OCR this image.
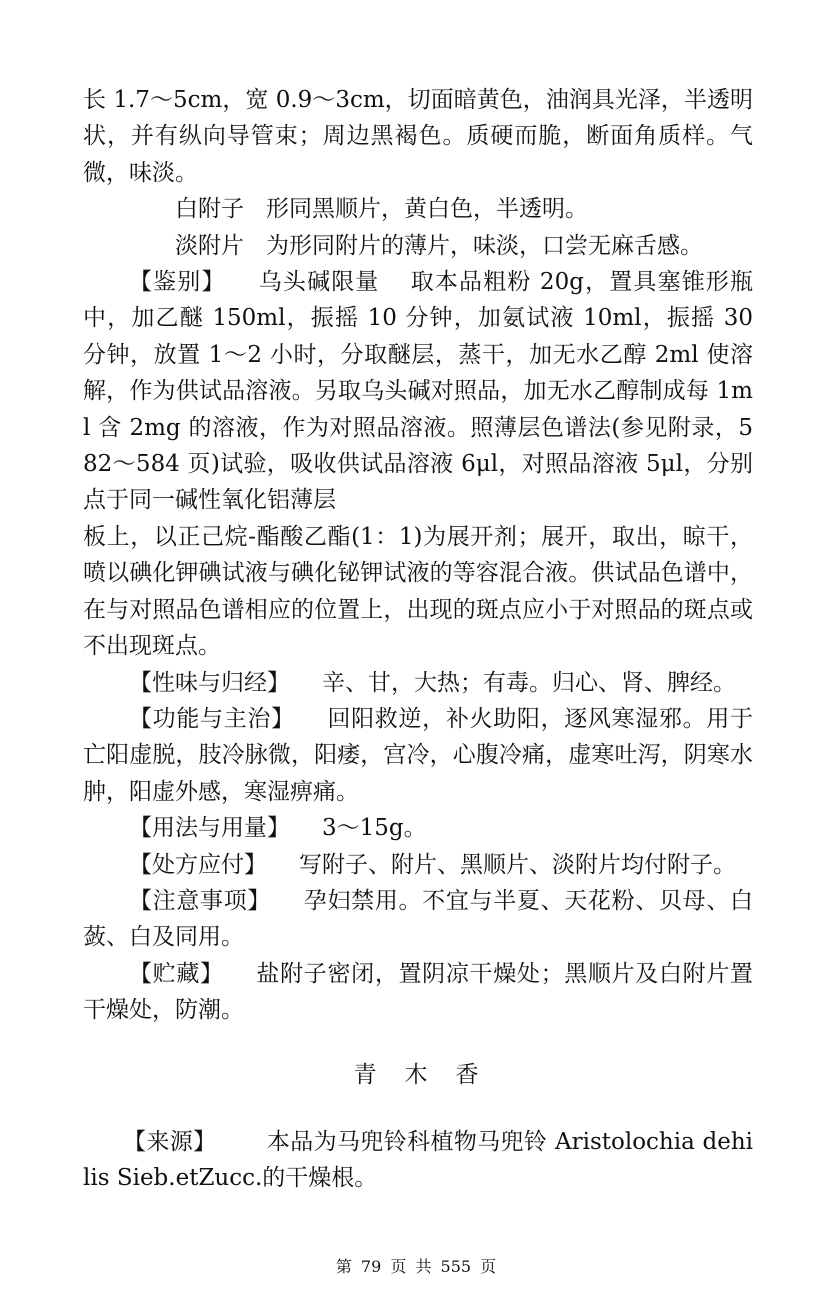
长 1.7～5cm，宽 0.9～3cm，切面暗黄色，油润具光泽，半透明状，并有纵向导管束；周边黑褐色。质硬而脆，断面角质样。气微，味淡。

白附子 形同黑顺片，黄白色，半透明。

淡附片 为形同附片的薄片，味淡，口尝无麻舌感。

【鉴别】 乌头碱限量 取本品粗粉 20g，置具塞锥形瓶中，加乙醚 150ml，振摇 10 分钟，加氨试液 10ml，振摇 30 分钟，放置 1～2 小时，分取醚层，蒸干，加无水乙醇 2ml 使溶解，作为供试品溶液。另取乌头碱对照品，加无水乙醇制成每 1ml 含 2mg 的溶液，作为对照品溶液。照薄层色谱法(参见附录，582～584 页)试验，吸收供试品溶液 6μl，对照品溶液 5μl，分别点于同一碱性氧化铝薄层

板上，以正己烷-酯酸乙酯(1：1)为展开剂；展开，取出，晾干，喷以碘化钾碘试液与碘化铋钾试液的等容混合液。供试品色谱中，在与对照品色谱相应的位置上，出现的斑点应小于对照品的斑点或不出现斑点。

【性味与归经】 辛、甘，大热；有毒。归心、肾、脾经。

【功能与主治】 回阳救逆，补火助阳，逐风寒湿邪。用于亡阳虚脱，肢冷脉微，阳痿，宫冷，心腹冷痛，虚寒吐泻，阴寒水肿，阳虚外感，寒湿痹痛。

【用法与用量】 3～15g。

【处方应付】 写附子、附片、黑顺片、淡附片均付附子。

【注意事项】 孕妇禁用。不宜与半夏、天花粉、贝母、白蔹、白及同用。

【贮藏】 盐附子密闭，置阴凉干燥处；黑顺片及白附片置干燥处，防潮。

青木香

【来源】 本品为马兜铃科植物马兜铃 Aristolochia dehilis Sieb.etZucc.的干燥根。

第 79 页 共 555 页
